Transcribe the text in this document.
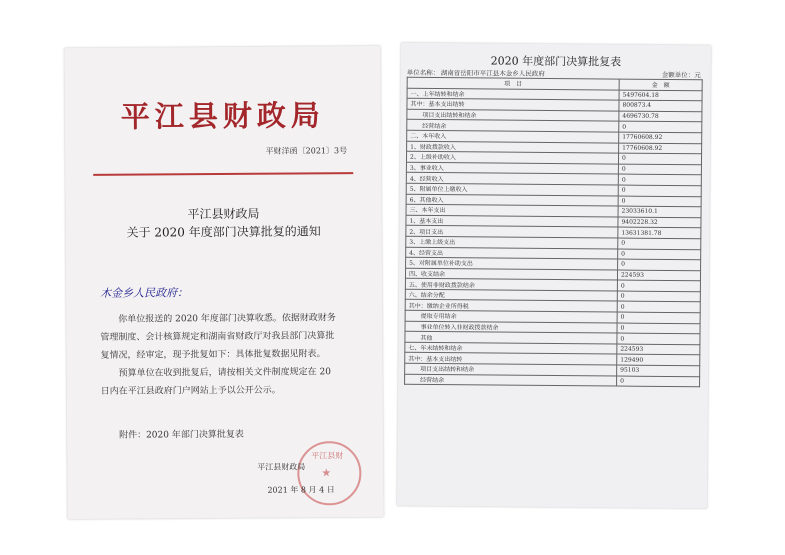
平江县财政局
平财洋函〔2021〕3号
平江县财政局
关于 2020 年度部门决算批复的通知
木金乡人民政府：
你单位报送的 2020 年度部门决算收悉。依据财政财务
管理制度、会计核算规定和湖南省财政厅对我县部门决算批
复情况，经审定，现予批复如下：具体批复数据见附表。
预算单位在收到批复后，请按相关文件制度规定在 20
日内在平江县政府门户网站上予以公开公示。
附件：2020 年部门决算批复表
平江县财
★
平江县财政局
2021 年 8 月 4 日
2020 年度部门决算批复表
单位名称： 湖南省岳阳市平江县木金乡人民政府	金额单位：元
项　目	金　额
一、上年结转和结余	5497604.18
其中：基本支出结转	800873.4
　　项目支出结转和结余	4696730.78
　　经营结余	0
二、本年收入	17760608.92
1、财政拨款收入	17760608.92
2、上级补助收入	0
3、事业收入	0
4、经营收入	0
5、附属单位上缴收入	0
6、其他收入	0
三、本年支出	23033610.1
1、基本支出	9402228.32
2、项目支出	13631381.78
3、上缴上级支出	0
4、经营支出	0
5、对附属单位补助支出	0
四、收支结余	224593
五、使用非财政拨款结余	0
六、结余分配	0
其中：缴纳企业所得税	0
　　提取专用结余	0
　　事业单位转入非财政拨款结余	0
　　其他	0
七、年末结转和结余	224593
其中：基本支出结转	129490
　　项目支出结转和结余	95103
　　经营结余	0
